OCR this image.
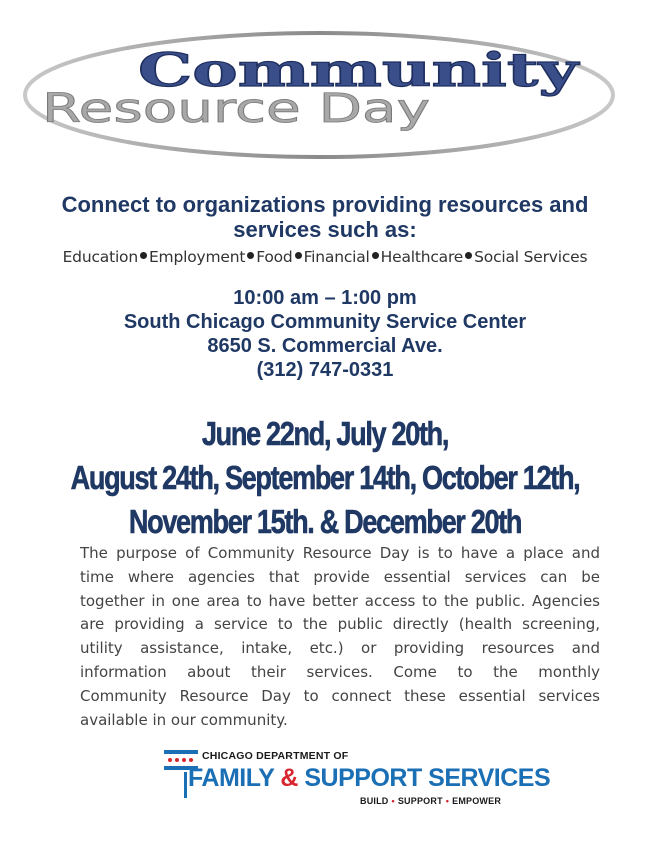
Community
Resource Day
Connect to organizations providing resources and
services such as:
Education Employment Food Financial Healthcare Social Services
10:00 am – 1:00 pm
South Chicago Community Service Center
8650 S. Commercial Ave.
(312) 747-0331
June 22nd, July 20th,
August 24th, September 14th, October 12th,
November 15th. & December 20th
The purpose of Community Resource Day is to have a place and
time where agencies that provide essential services can be
together in one area to have better access to the public. Agencies
are providing a service to the public directly (health screening,
utility assistance, intake, etc.) or providing resources and
information about their services. Come to the monthly
Community Resource Day to connect these essential services
available in our community.
CHICAGO DEPARTMENT OF
FAMILY & SUPPORT SERVICES
BUILD • SUPPORT • EMPOWER
